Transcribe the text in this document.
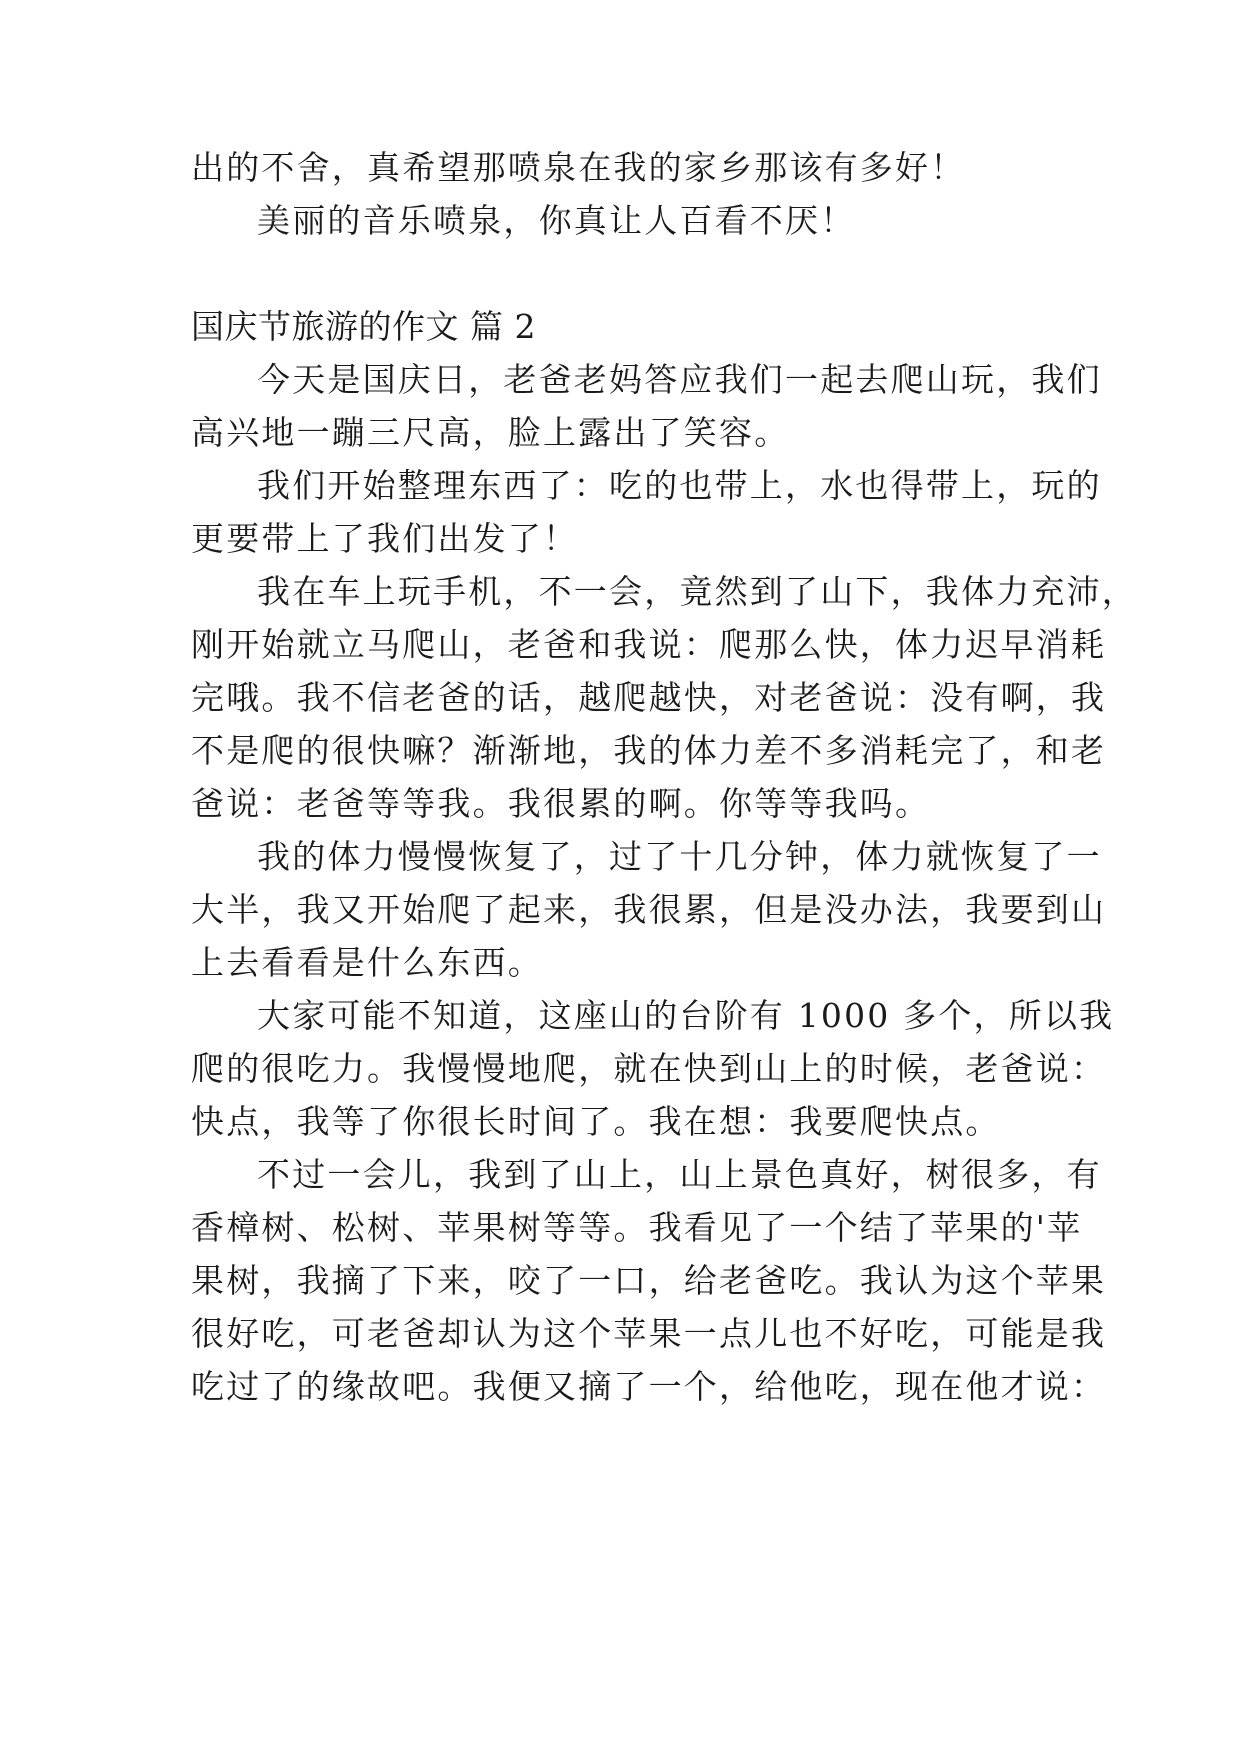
出的不舍，真希望那喷泉在我的家乡那该有多好！
美丽的音乐喷泉，你真让人百看不厌！
国庆节旅游的作文 篇 2
今天是国庆日，老爸老妈答应我们一起去爬山玩，我们
高兴地一蹦三尺高，脸上露出了笑容。
我们开始整理东西了：吃的也带上，水也得带上，玩的
更要带上了我们出发了！
我在车上玩手机，不一会，竟然到了山下，我体力充沛，
刚开始就立马爬山，老爸和我说：爬那么快，体力迟早消耗
完哦。我不信老爸的话，越爬越快，对老爸说：没有啊，我
不是爬的很快嘛？渐渐地，我的体力差不多消耗完了，和老
爸说：老爸等等我。我很累的啊。你等等我吗。
我的体力慢慢恢复了，过了十几分钟，体力就恢复了一
大半，我又开始爬了起来，我很累，但是没办法，我要到山
上去看看是什么东西。
大家可能不知道，这座山的台阶有 1000 多个，所以我
爬的很吃力。我慢慢地爬，就在快到山上的时候，老爸说：
快点，我等了你很长时间了。我在想：我要爬快点。
不过一会儿，我到了山上，山上景色真好，树很多，有
香樟树、松树、苹果树等等。我看见了一个结了苹果的'苹
果树，我摘了下来，咬了一口，给老爸吃。我认为这个苹果
很好吃，可老爸却认为这个苹果一点儿也不好吃，可能是我
吃过了的缘故吧。我便又摘了一个，给他吃，现在他才说：
